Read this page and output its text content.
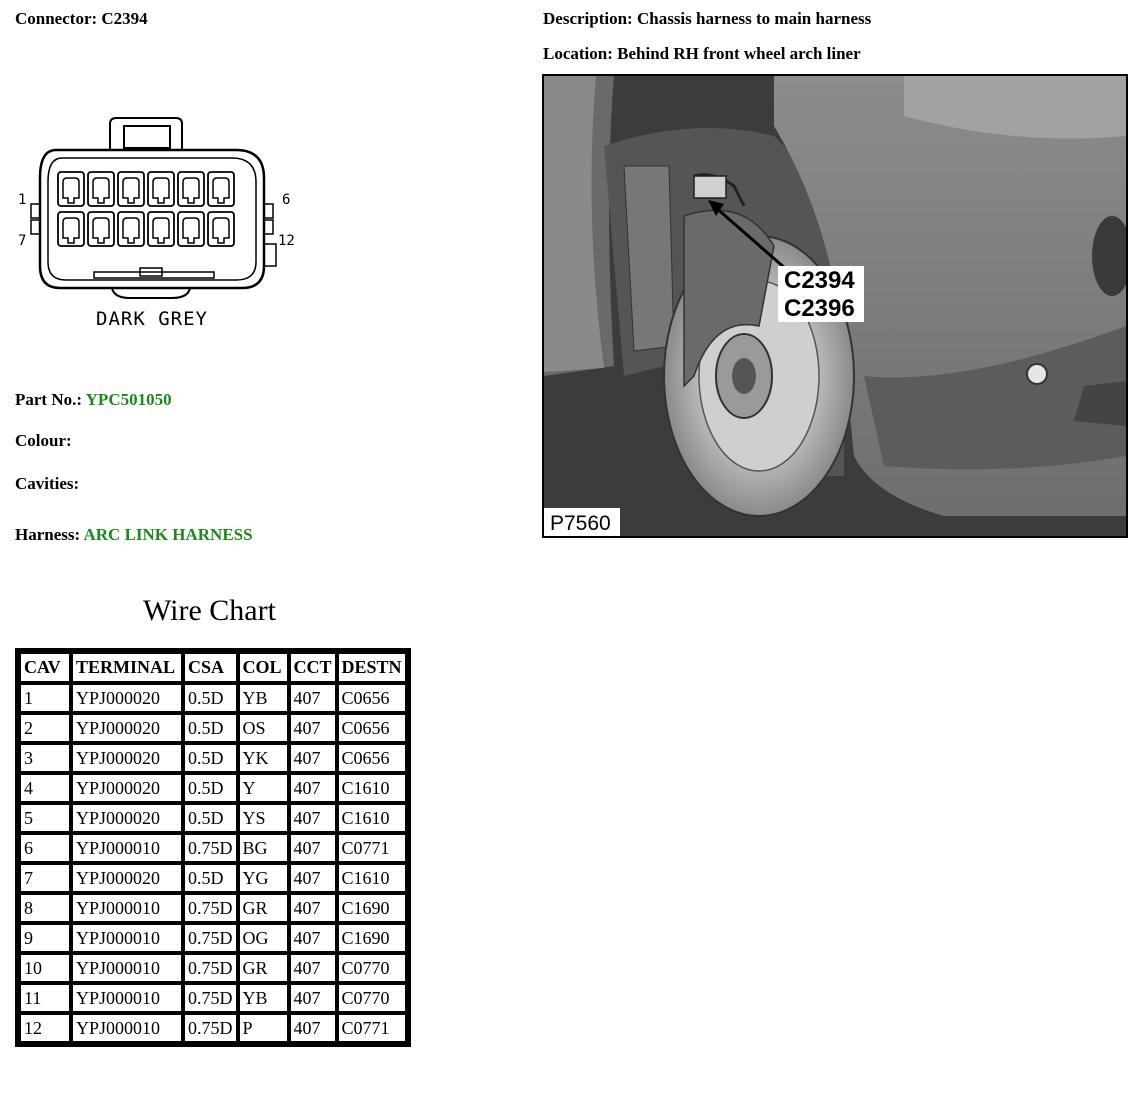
Connector: C2394	Description: Chassis harness to main harness
Location: Behind RH front wheel arch liner
1	6
7	12
DARK GREY
Part No.: YPC501050
Colour:
Cavities:
Harness: ARC LINK HARNESS
C2394
C2396
P7560
Wire Chart
CAV	TERMINAL	CSA	COL	CCT	DESTN
1	YPJ000020	0.5D	YB	407	C0656
2	YPJ000020	0.5D	OS	407	C0656
3	YPJ000020	0.5D	YK	407	C0656
4	YPJ000020	0.5D	Y	407	C1610
5	YPJ000020	0.5D	YS	407	C1610
6	YPJ000010	0.75D	BG	407	C0771
7	YPJ000020	0.5D	YG	407	C1610
8	YPJ000010	0.75D	GR	407	C1690
9	YPJ000010	0.75D	OG	407	C1690
10	YPJ000010	0.75D	GR	407	C0770
11	YPJ000010	0.75D	YB	407	C0770
12	YPJ000010	0.75D	P	407	C0771
